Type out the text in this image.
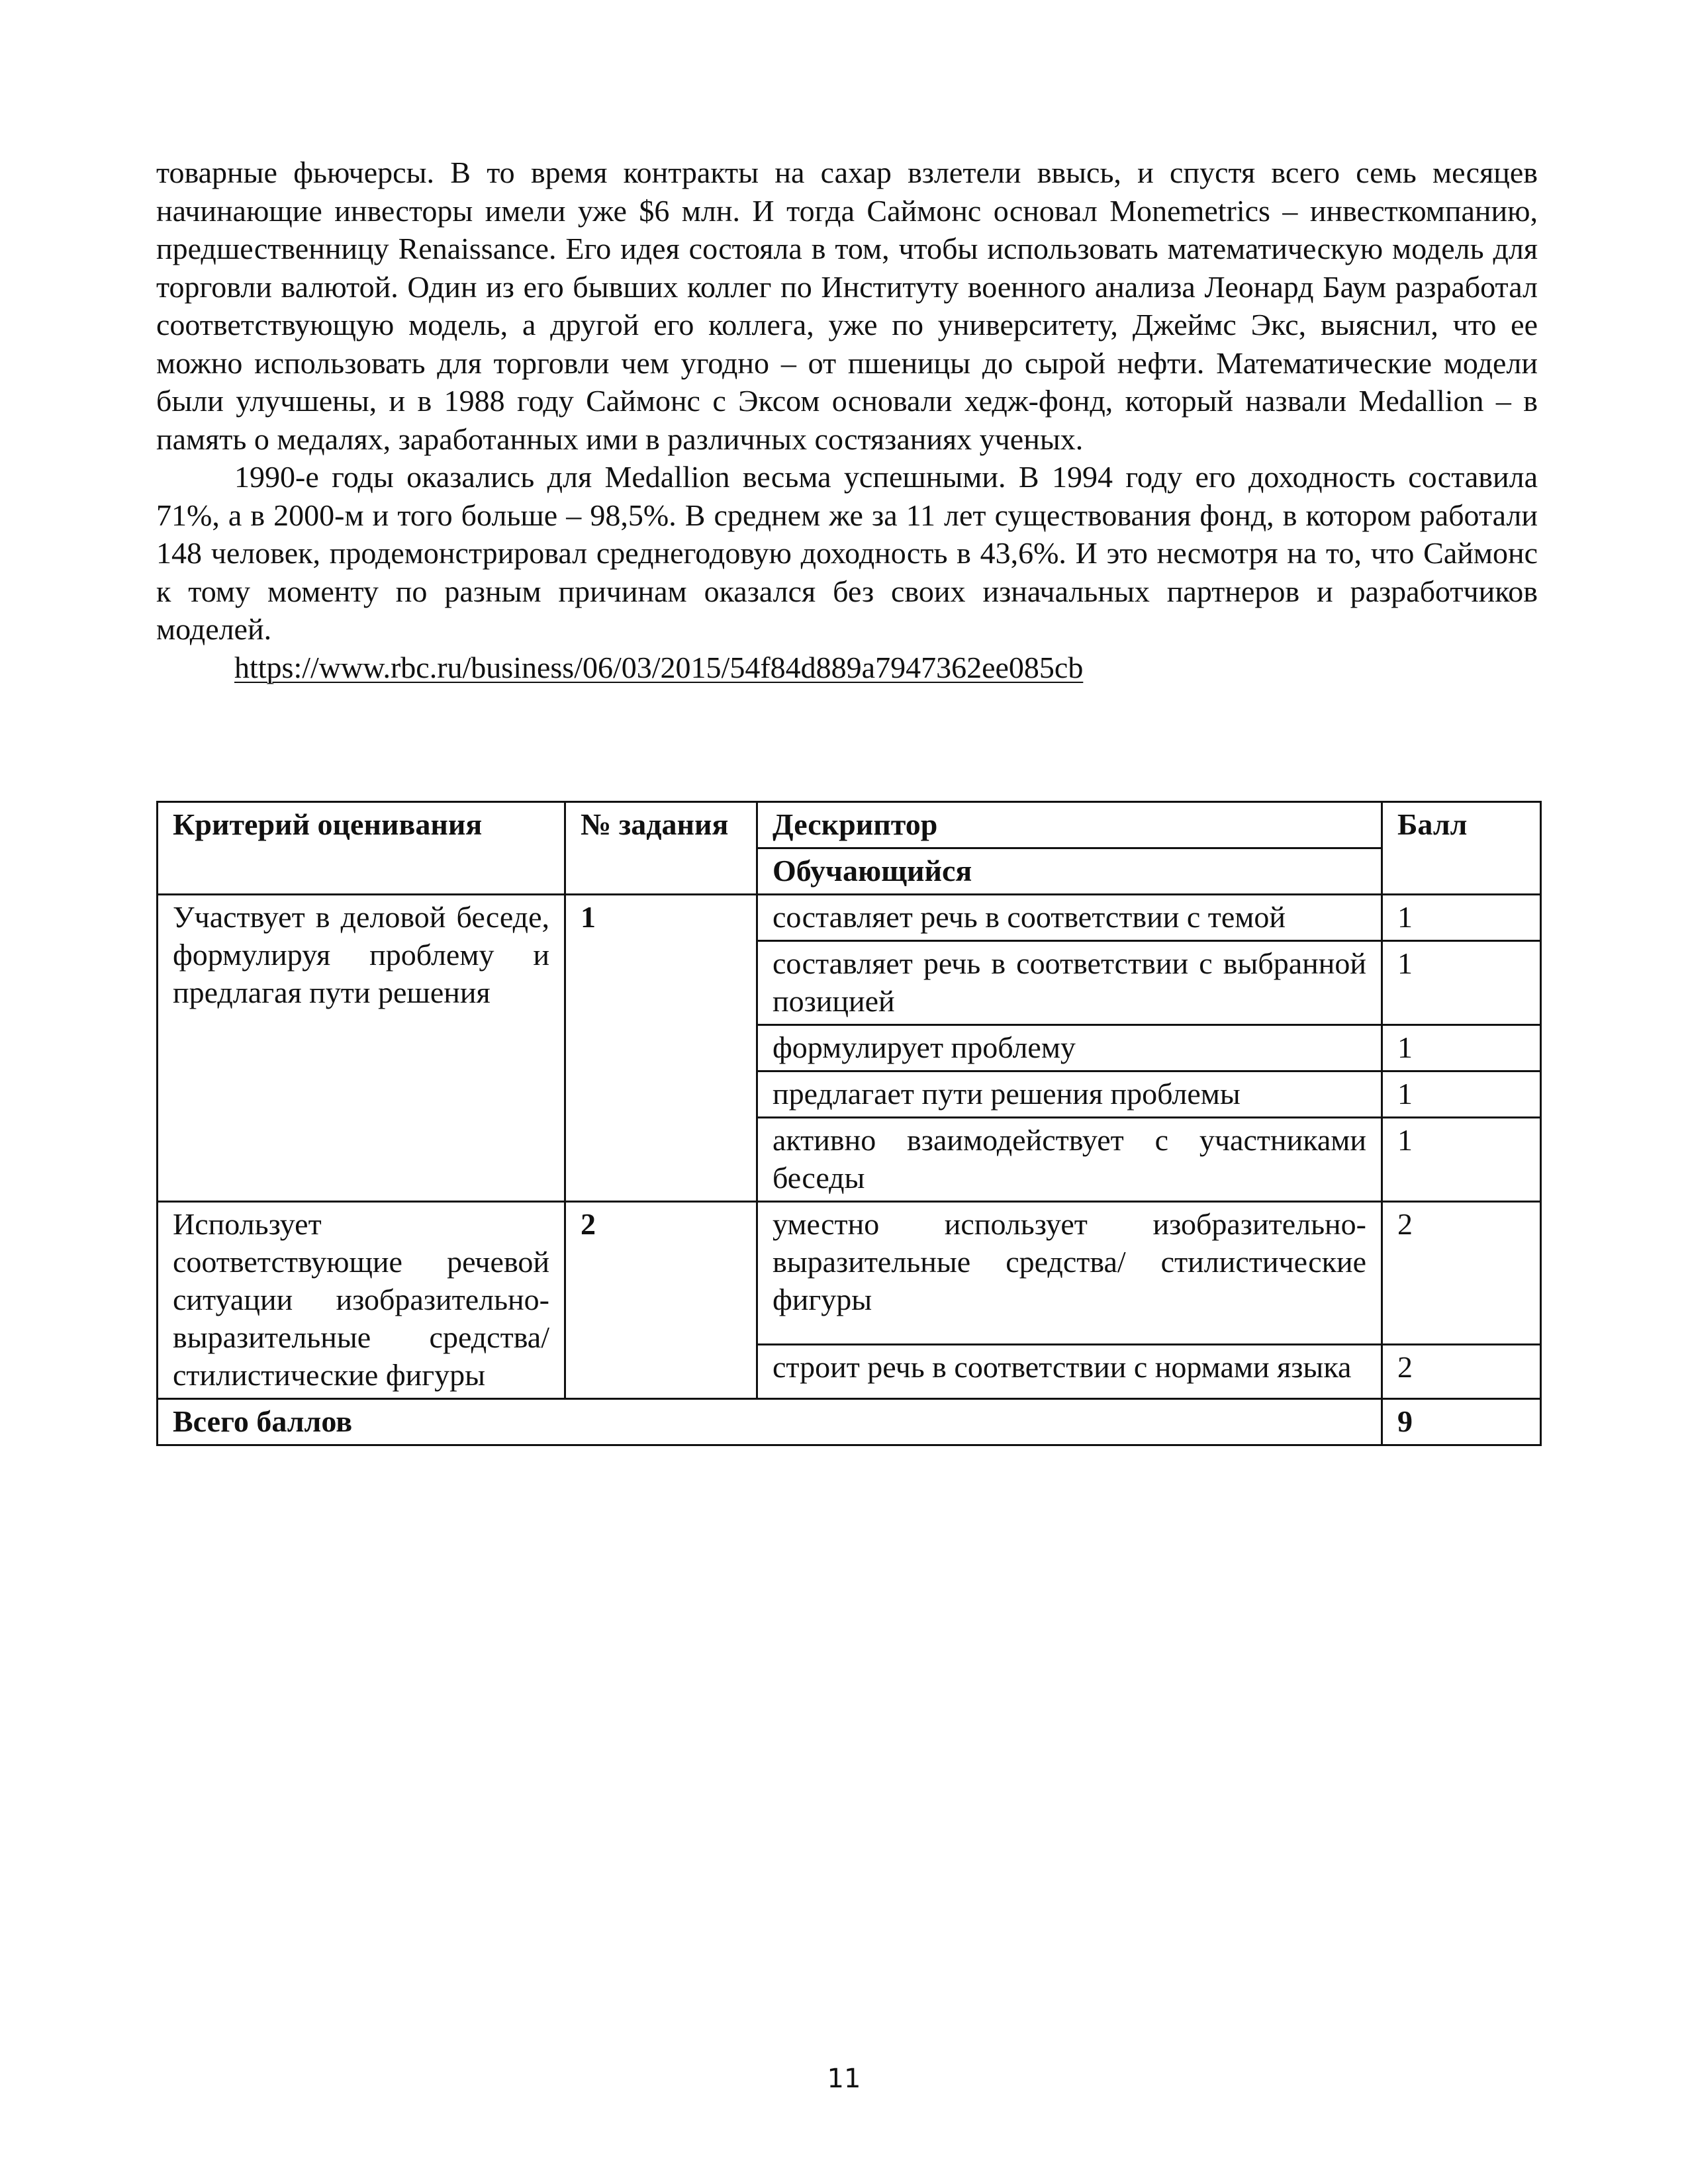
товарные фьючерсы. В то время контракты на сахар взлетели ввысь, и спустя всего семь месяцев начинающие инвесторы имели уже $6 млн. И тогда Саймонс основал Monemetrics – инвесткомпанию, предшественницу Renaissance. Его идея состояла в том, чтобы использовать математическую модель для торговли валютой. Один из его бывших коллег по Институту военного анализа Леонард Баум разработал соответствующую модель, а другой его коллега, уже по университету, Джеймс Экс, выяснил, что ее можно использовать для торговли чем угодно – от пшеницы до сырой нефти. Математические модели были улучшены, и в 1988 году Саймонс с Эксом основали хедж-фонд, который назвали Medallion – в память о медалях, заработанных ими в различных состязаниях ученых.

1990-е годы оказались для Medallion весьма успешными. В 1994 году его доходность составила 71%, а в 2000-м и того больше – 98,5%. В среднем же за 11 лет существования фонд, в котором работали 148 человек, продемонстрировал среднегодовую доходность в 43,6%. И это несмотря на то, что Саймонс к тому моменту по разным причинам оказался без своих изначальных партнеров и разработчиков моделей.

https://www.rbc.ru/business/06/03/2015/54f84d889a7947362ee085cb

Критерий оценивания	№ задания	Дескриптор	Балл
		Обучающийся	
Участвует в деловой беседе, формулируя проблему и предлагая пути решения	1	составляет речь в соответствии с темой	1
		составляет речь в соответствии с выбранной позицией	1
		формулирует проблему	1
		предлагает пути решения проблемы	1
		активно взаимодействует с участниками беседы	1
Использует соответствующие речевой ситуации изобразительно-выразительные средства/ стилистические фигуры	2	уместно использует изобразительно-выразительные средства/ стилистические фигуры	2
		строит речь в соответствии с нормами языка	2
Всего баллов			9
11
